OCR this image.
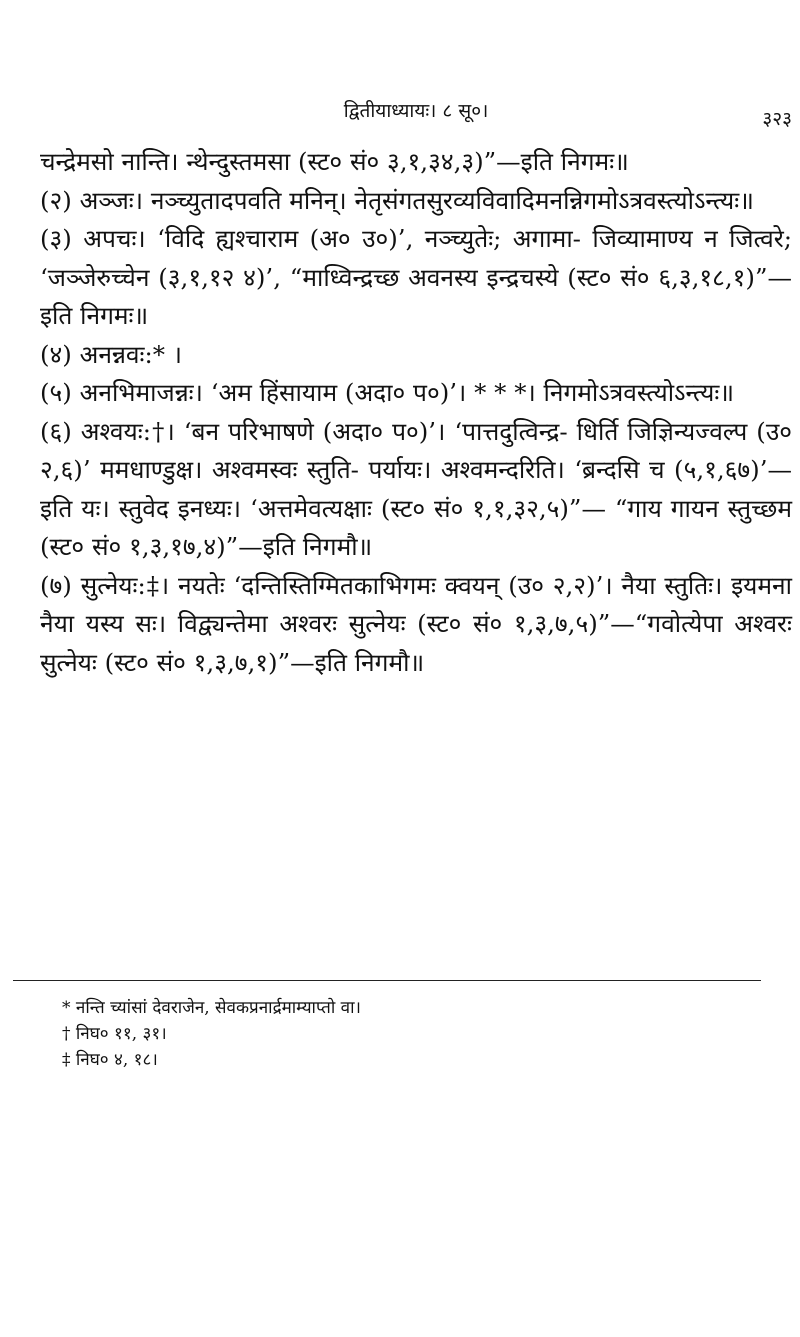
द्वितीयाध्यायः। ८ सू०।	३२३

चन्द्रेमसो नान्ति। न्थेन्दुस्तमसा (स्ट० सं० ३,१,३४,३)”—इति निगमः॥

(२) अञ्जः। नञ्च्युतादपवति मनिन्। नेतृसंगतसुरव्यविवादिमनन्निगमोऽत्रवस्त्योऽन्त्यः॥

(३) अपचः। ‘विदि ह्यश्चाराम (अ० उ०)’, नञ्च्युतेः; अगामा- जिव्यामाण्य न जित्वरे; ‘जञ्जेरुच्चेन (३,१,१२ ४)’, “माध्विन्द्रच्छ अवनस्य इन्द्रचस्ये (स्ट० सं० ६,३,१८,१)”—इति निगमः॥

(४) अनन्नवः:* ।

(५) अनभिमाजन्नः। ‘अम हिंसायाम (अदा० प०)’। * * *। निगमोऽत्रवस्त्योऽन्त्यः॥

(६) अश्वयः:†। ‘बन परिभाषणे (अदा० प०)’। ‘पात्तदुत्विन्द्र- धिर्ति जिज्ञिन्यज्वल्प (उ० २,६)’ ममधाण्डुक्ष। अश्वमस्वः स्तुति- पर्यायः। अश्वमन्दरिति। ‘ब्रन्दसि च (५,१,६७)’—इति यः। स्तुवेद इनध्यः। ‘अत्तमेवत्यक्षाः (स्ट० सं० १,१,३२,५)”— “गाय गायन स्तुच्छम (स्ट० सं० १,३,१७,४)”—इति निगमौ॥

(७) सुत्नेयः:‡। नयतेः ‘दन्तिस्तिग्मितकाभिगमः क्वयन् (उ० २,२)’। नैया स्तुतिः। इयमना नैया यस्य सः। विद्व्यन्तेमा अश्वरः सुत्नेयः (स्ट० सं० १,३,७,५)”—“गवोत्येपा अश्वरः सुत्नेयः (स्ट० सं० १,३,७,१)”—इति निगमौ॥

* नन्ति च्यांसां देवराजेन, सेवकप्रनार्द्रमाम्याप्तो वा।

† निघ० ११, ३१।

‡ निघ० ४, १८।
